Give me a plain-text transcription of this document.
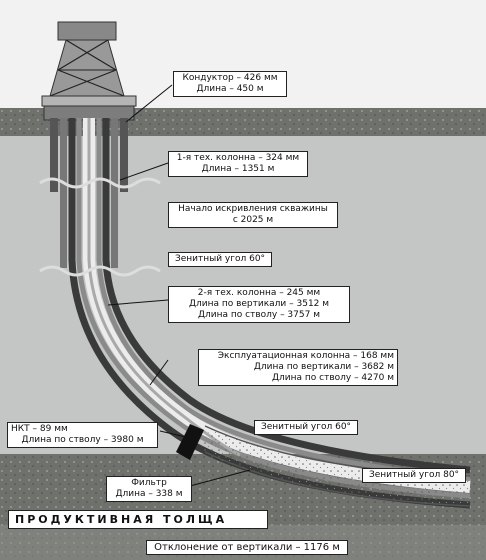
Кондуктор – 426 мм
Длина – 450 м
1-я тех. колонна – 324 мм
Длина – 1351 м
Начало искривления скважины
с 2025 м
Зенитный угол 60°
2-я тех. колонна – 245 мм
Длина по вертикали – 3512 м
Длина по стволу – 3757 м
Эксплуатационная колонна – 168 мм
Длина по вертикали – 3682 м
Длина по стволу – 4270 м
НКТ – 89 мм
Длина по стволу – 3980 м
Зенитный угол 60°
Зенитный угол 80°
Фильтр
Длина – 338 м
ПРОДУКТИВНАЯ ТОЛЩА
Отклонение от вертикали – 1176 м
